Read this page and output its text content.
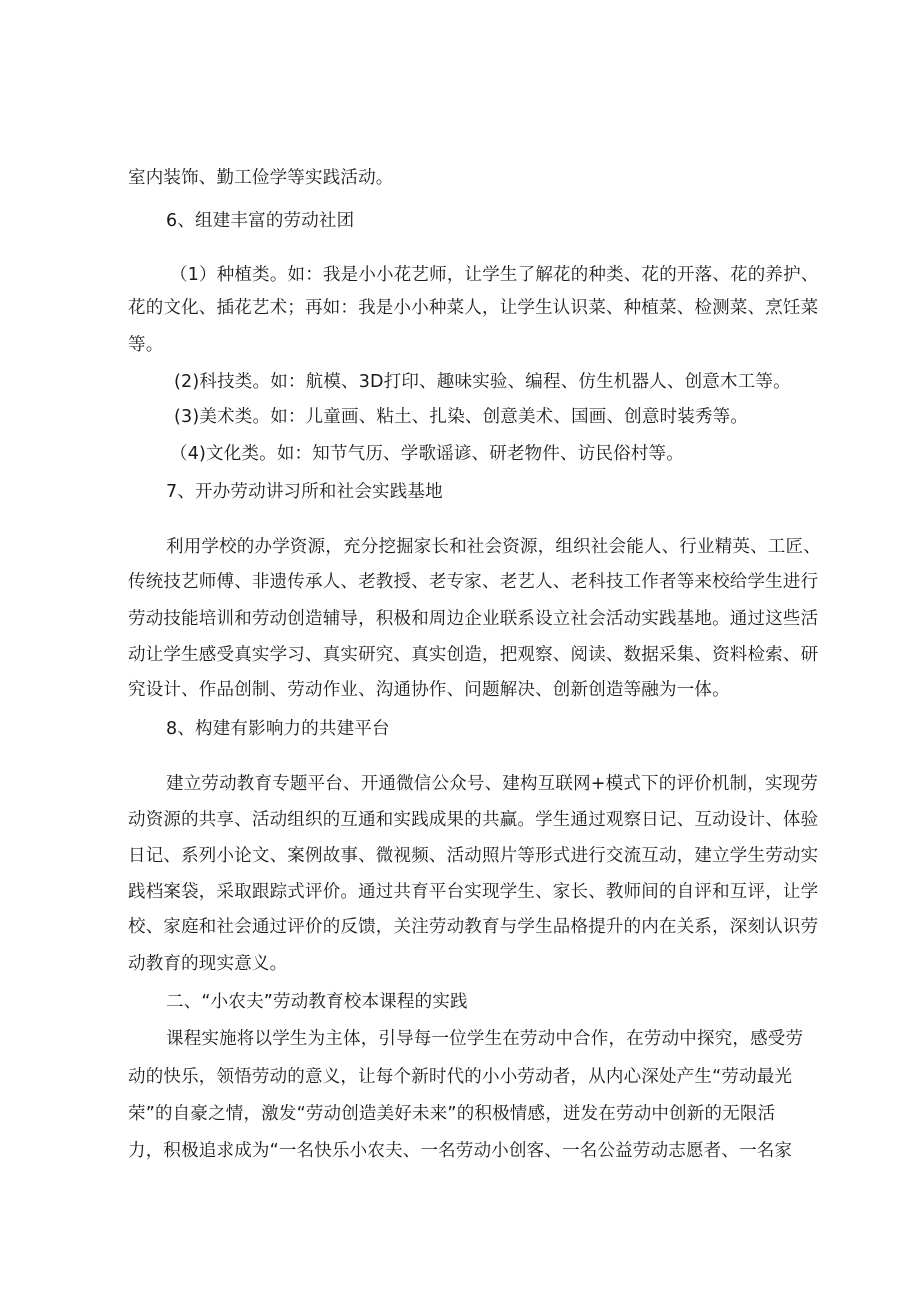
室内装饰、勤工俭学等实践活动。
6、组建丰富的劳动社团
（1）种植类。如：我是小小花艺师，让学生了解花的种类、花的开落、花的养护、
花的文化、插花艺术；再如：我是小小种菜人，让学生认识菜、种植菜、检测菜、烹饪菜
等。
(2)科技类。如：航模、3D打印、趣味实验、编程、仿生机器人、创意木工等。
(3)美术类。如：儿童画、粘土、扎染、创意美术、国画、创意时装秀等。
（4)文化类。如：知节气历、学歌谣谚、研老物件、访民俗村等。
7、开办劳动讲习所和社会实践基地
利用学校的办学资源，充分挖掘家长和社会资源，组织社会能人、行业精英、工匠、
传统技艺师傅、非遗传承人、老教授、老专家、老艺人、老科技工作者等来校给学生进行
劳动技能培训和劳动创造辅导，积极和周边企业联系设立社会活动实践基地。通过这些活
动让学生感受真实学习、真实研究、真实创造，把观察、阅读、数据采集、资料检索、研
究设计、作品创制、劳动作业、沟通协作、问题解决、创新创造等融为一体。
8、构建有影响力的共建平台
建立劳动教育专题平台、开通微信公众号、建构互联网+模式下的评价机制，实现劳
动资源的共享、活动组织的互通和实践成果的共赢。学生通过观察日记、互动设计、体验
日记、系列小论文、案例故事、微视频、活动照片等形式进行交流互动，建立学生劳动实
践档案袋，采取跟踪式评价。通过共育平台实现学生、家长、教师间的自评和互评，让学
校、家庭和社会通过评价的反馈，关注劳动教育与学生品格提升的内在关系，深刻认识劳
动教育的现实意义。
二、“小农夫”劳动教育校本课程的实践
课程实施将以学生为主体，引导每一位学生在劳动中合作，在劳动中探究，感受劳
动的快乐，领悟劳动的意义，让每个新时代的小小劳动者，从内心深处产生“劳动最光
荣”的自豪之情，激发“劳动创造美好未来”的积极情感，迸发在劳动中创新的无限活
力，积极追求成为“一名快乐小农夫、一名劳动小创客、一名公益劳动志愿者、一名家
